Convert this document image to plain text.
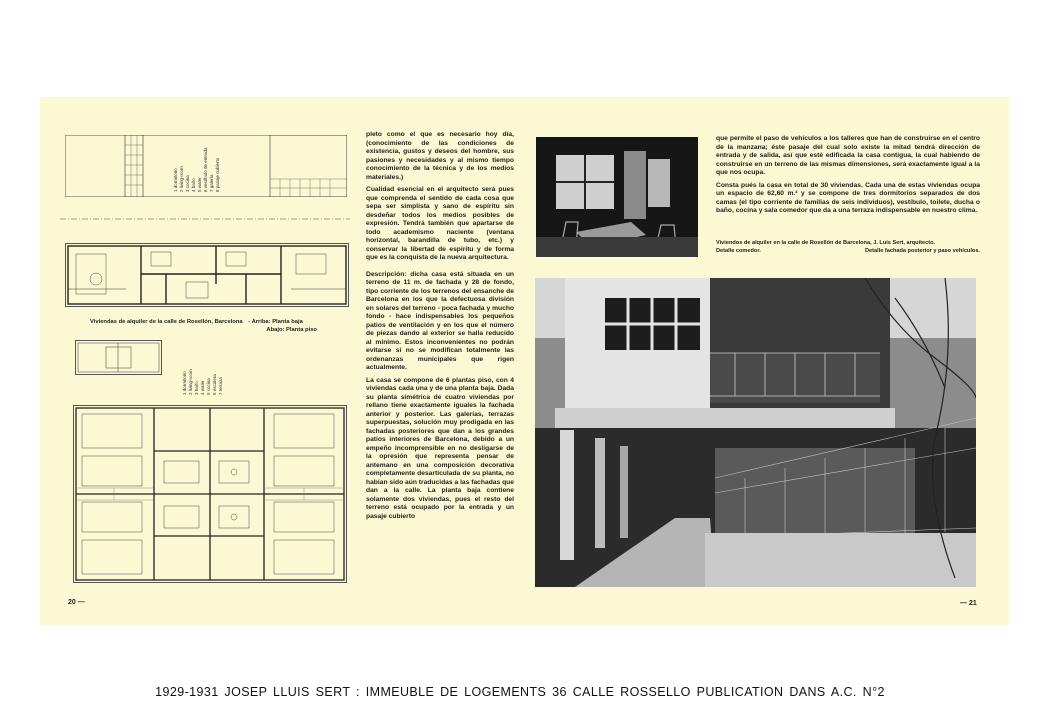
1 dormitorio
2 living-room
3 cocina
4 baño
5 water
6 vestíbulo de entrada
7 galería
8 pasaje cubierto
Viviendas de alquiler de la calle de Rosellón, Barcelona - Arriba: Planta baja
Abajo: Planta piso
1 dormitorio
2 living-room
3 baño
4 water
5 cocina
6 escalera
7 terraza
20 —

pleto como el que es necesario hoy día, (conocimiento de las condiciones de existencia, gustos y deseos del hombre, sus pasiones y necesidades y al mismo tiempo conocimiento de la técnica y de los medios materiales.)

Cualidad esencial en el arquitecto será pues que comprenda el sentido de cada cosa que sepa ser simplista y sano de espíritu sin desdeñar todos los medios posibles de expresión. Tendrá también que apartarse de todo academismo naciente (ventana horizontal, barandilla de tubo, etc.) y conservar la libertad de espíritu y de forma que es la conquista de la nueva arquitectura.

Descripción: dicha casa está situada en un terreno de 11 m. de fachada y 28 de fondo, tipo corriente de los terrenos del ensanche de Barcelona en los que la defectuosa división en solares del terreno - poca fachada y mucho fondo - hace indispensables los pequeños patios de ventilación y en los que el número de piezas dando al exterior se halla reducido al mínimo. Estos inconvenientes no podrán evitarse si no se modifican totalmente las ordenanzas municipales que rigen actualmente.

La casa se compone de 6 plantas piso, con 4 viviendas cada una y de una planta baja. Dada su planta simétrica de cuatro viviendas por rellano tiene exactamente iguales la fachada anterior y posterior. Las galerías, terrazas superpuestas, solución muy prodigada en las fachadas posteriores que dan a los grandes patios interiores de Barcelona, debido a un empeño incomprensible en no desligarse de la opresión que representa pensar de antemano en una composición decorativa completamente desarticulada de su planta, no habían sido aún traducidas a las fachadas que dan a la calle. La planta baja contiene solamente dos viviendas, pues el resto del terreno está ocupado por la entrada y un pasaje cubierto

que permite el paso de vehículos a los talleres que han de construirse en el centro de la manzana; éste pasaje del cual solo existe la mitad tendrá dirección de entrada y de salida, así que esté edificada la casa contigua, la cual habiendo de construirse en un terreno de las mismas dimensiones, será exactamente igual a la que nos ocupa.

Consta pués la casa en total de 30 viviendas. Cada una de estas viviendas ocupa un espacio de 62,60 m.² y se compone de tres dormitorios separados de dos camas (el tipo corriente de familias de seis individuos), vestíbulo, toilete, ducha o baño, cocina y sala comedor que da a una terraza indispensable en nuestro clima.

Viviendos de alquiler en la calle de Rosellón de Barcelona, J. Luis Sert, arquitecto.
Detalle comedor.	Detalle fachada posterior y paso vehículos.
— 21
1929-1931 JOSEP LLUIS SERT : IMMEUBLE DE LOGEMENTS 36 CALLE ROSSELLO PUBLICATION DANS A.C. N°2
